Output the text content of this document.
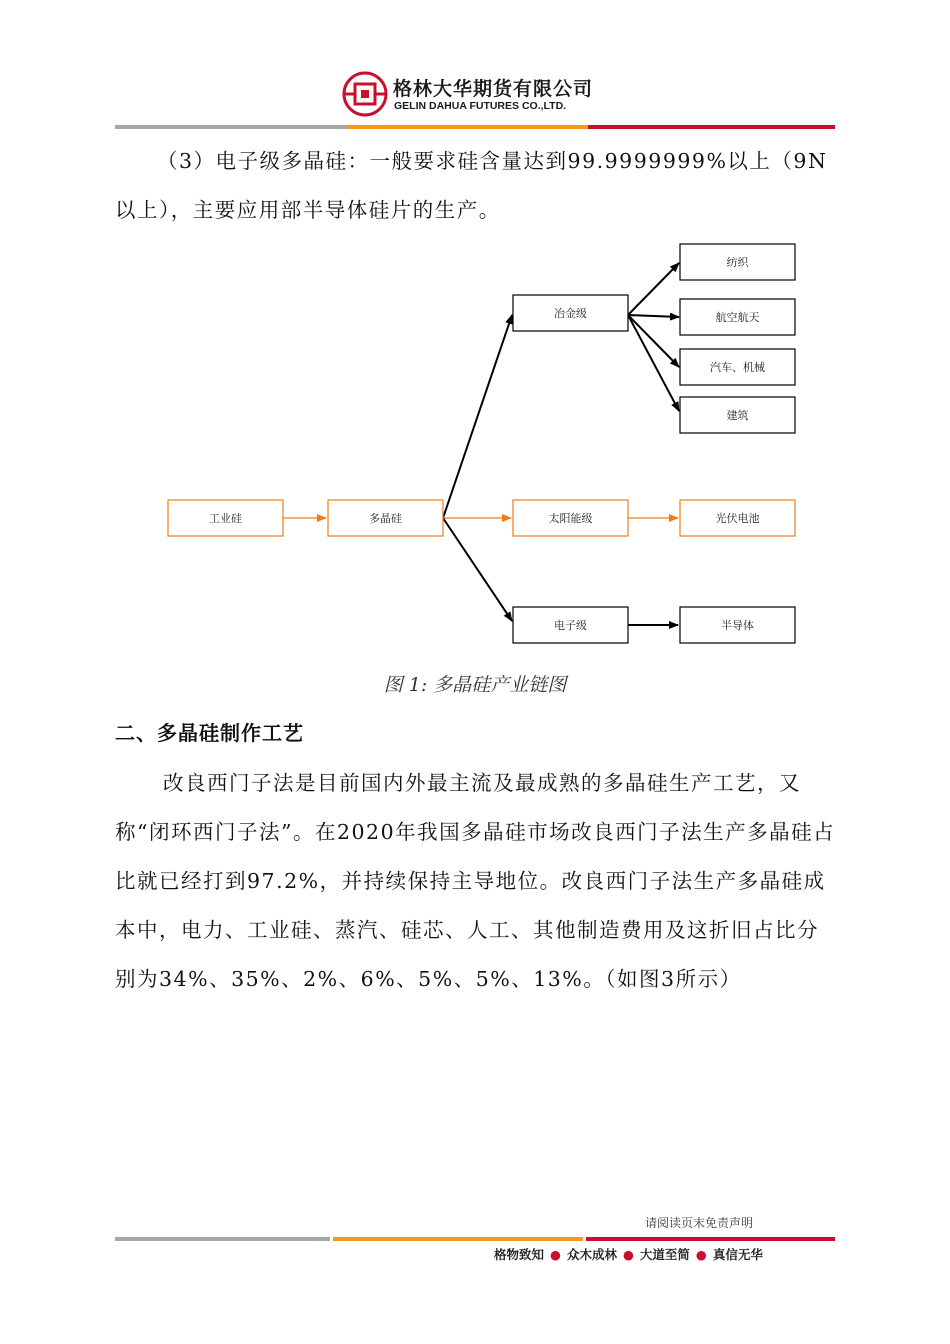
格林大华期货有限公司
GELIN DAHUA FUTURES CO.,LTD.

（3）电子级多晶硅：一般要求硅含量达到99.9999999%以上（9N以上），主要应用部半导体硅片的生产。

工业硅	多晶硅
冶金级
太阳能级
电子级
纺织
航空航天
汽车、机械
建筑
光伏电池
半导体
图 1: 多晶硅产业链图
二、多晶硅制作工艺

改良西门子法是目前国内外最主流及最成熟的多晶硅生产工艺，又称“闭环西门子法”。在2020年我国多晶硅市场改良西门子法生产多晶硅占比就已经打到97.2%，并持续保持主导地位。改良西门子法生产多晶硅成本中，电力、工业硅、蒸汽、硅芯、人工、其他制造费用及这折旧占比分别为34%、35%、2%、6%、5%、5%、13%。（如图3所示）

请阅读页末免责声明
格物致知 ● 众木成林 ● 大道至简 ● 真信无华
